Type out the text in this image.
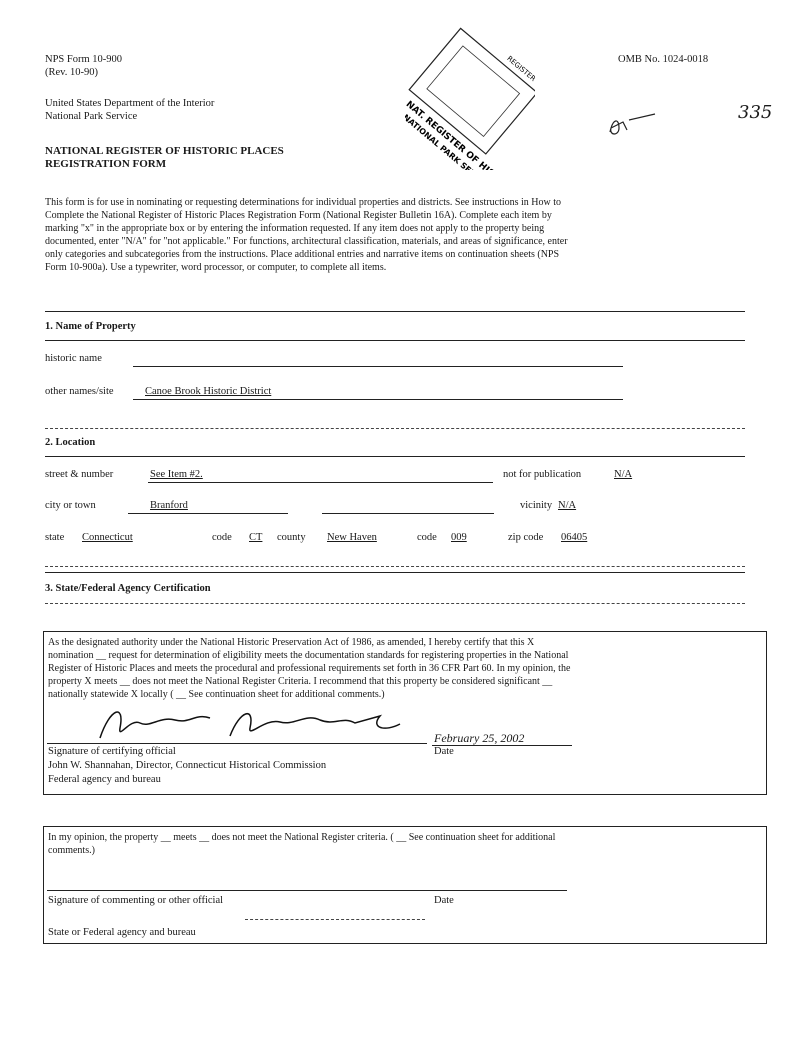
NPS Form 10-900
(Rev. 10-90)
OMB No. 1024-0018
United States Department of the Interior
National Park Service
NATIONAL REGISTER OF HISTORIC PLACES
REGISTRATION FORM
NAT. REGISTER OF
NATIONAL PARK SERVICE
REGISTER
335
This form is for use in nominating or requesting determinations for individual properties and districts. See instructions in How to
Complete the National Register of Historic Places Registration Form (National Register Bulletin 16A). Complete each item by
marking "x" in the appropriate box or by entering the information requested. If any item does not apply to the property being
documented, enter "N/A" for "not applicable." For functions, architectural classification, materials, and areas of significance, enter
only categories and subcategories from the instructions. Place additional entries and narrative items on continuation sheets (NPS
Form 10-900a). Use a typewriter, word processor, or computer, to complete all items.
1. Name of Property
historic name
other names/site	Canoe Brook Historic District
2. Location
street & number	See Item #2.	not for publication	N/A
city or town	Branford	vicinity N/A
state Connecticut	code CT county New Haven	code 009	zip code 06405
3. State/Federal Agency Certification
As the designated authority under the National Historic Preservation Act of 1986, as amended, I hereby certify that this X
nomination __ request for determination of eligibility meets the documentation standards for registering properties in the National
Register of Historic Places and meets the procedural and professional requirements set forth in 36 CFR Part 60. In my opinion, the
property X meets __ does not meet the National Register Criteria. I recommend that this property be considered significant __
nationally statewide X locally ( __ See continuation sheet for additional comments.)
February 25, 2002
Signature of certifying official	Date
John W. Shannahan, Director, Connecticut Historical Commission
Federal agency and bureau
In my opinion, the property __ meets __ does not meet the National Register criteria. ( __ See continuation sheet for additional
comments.)
Signature of commenting or other official	Date
State or Federal agency and bureau
